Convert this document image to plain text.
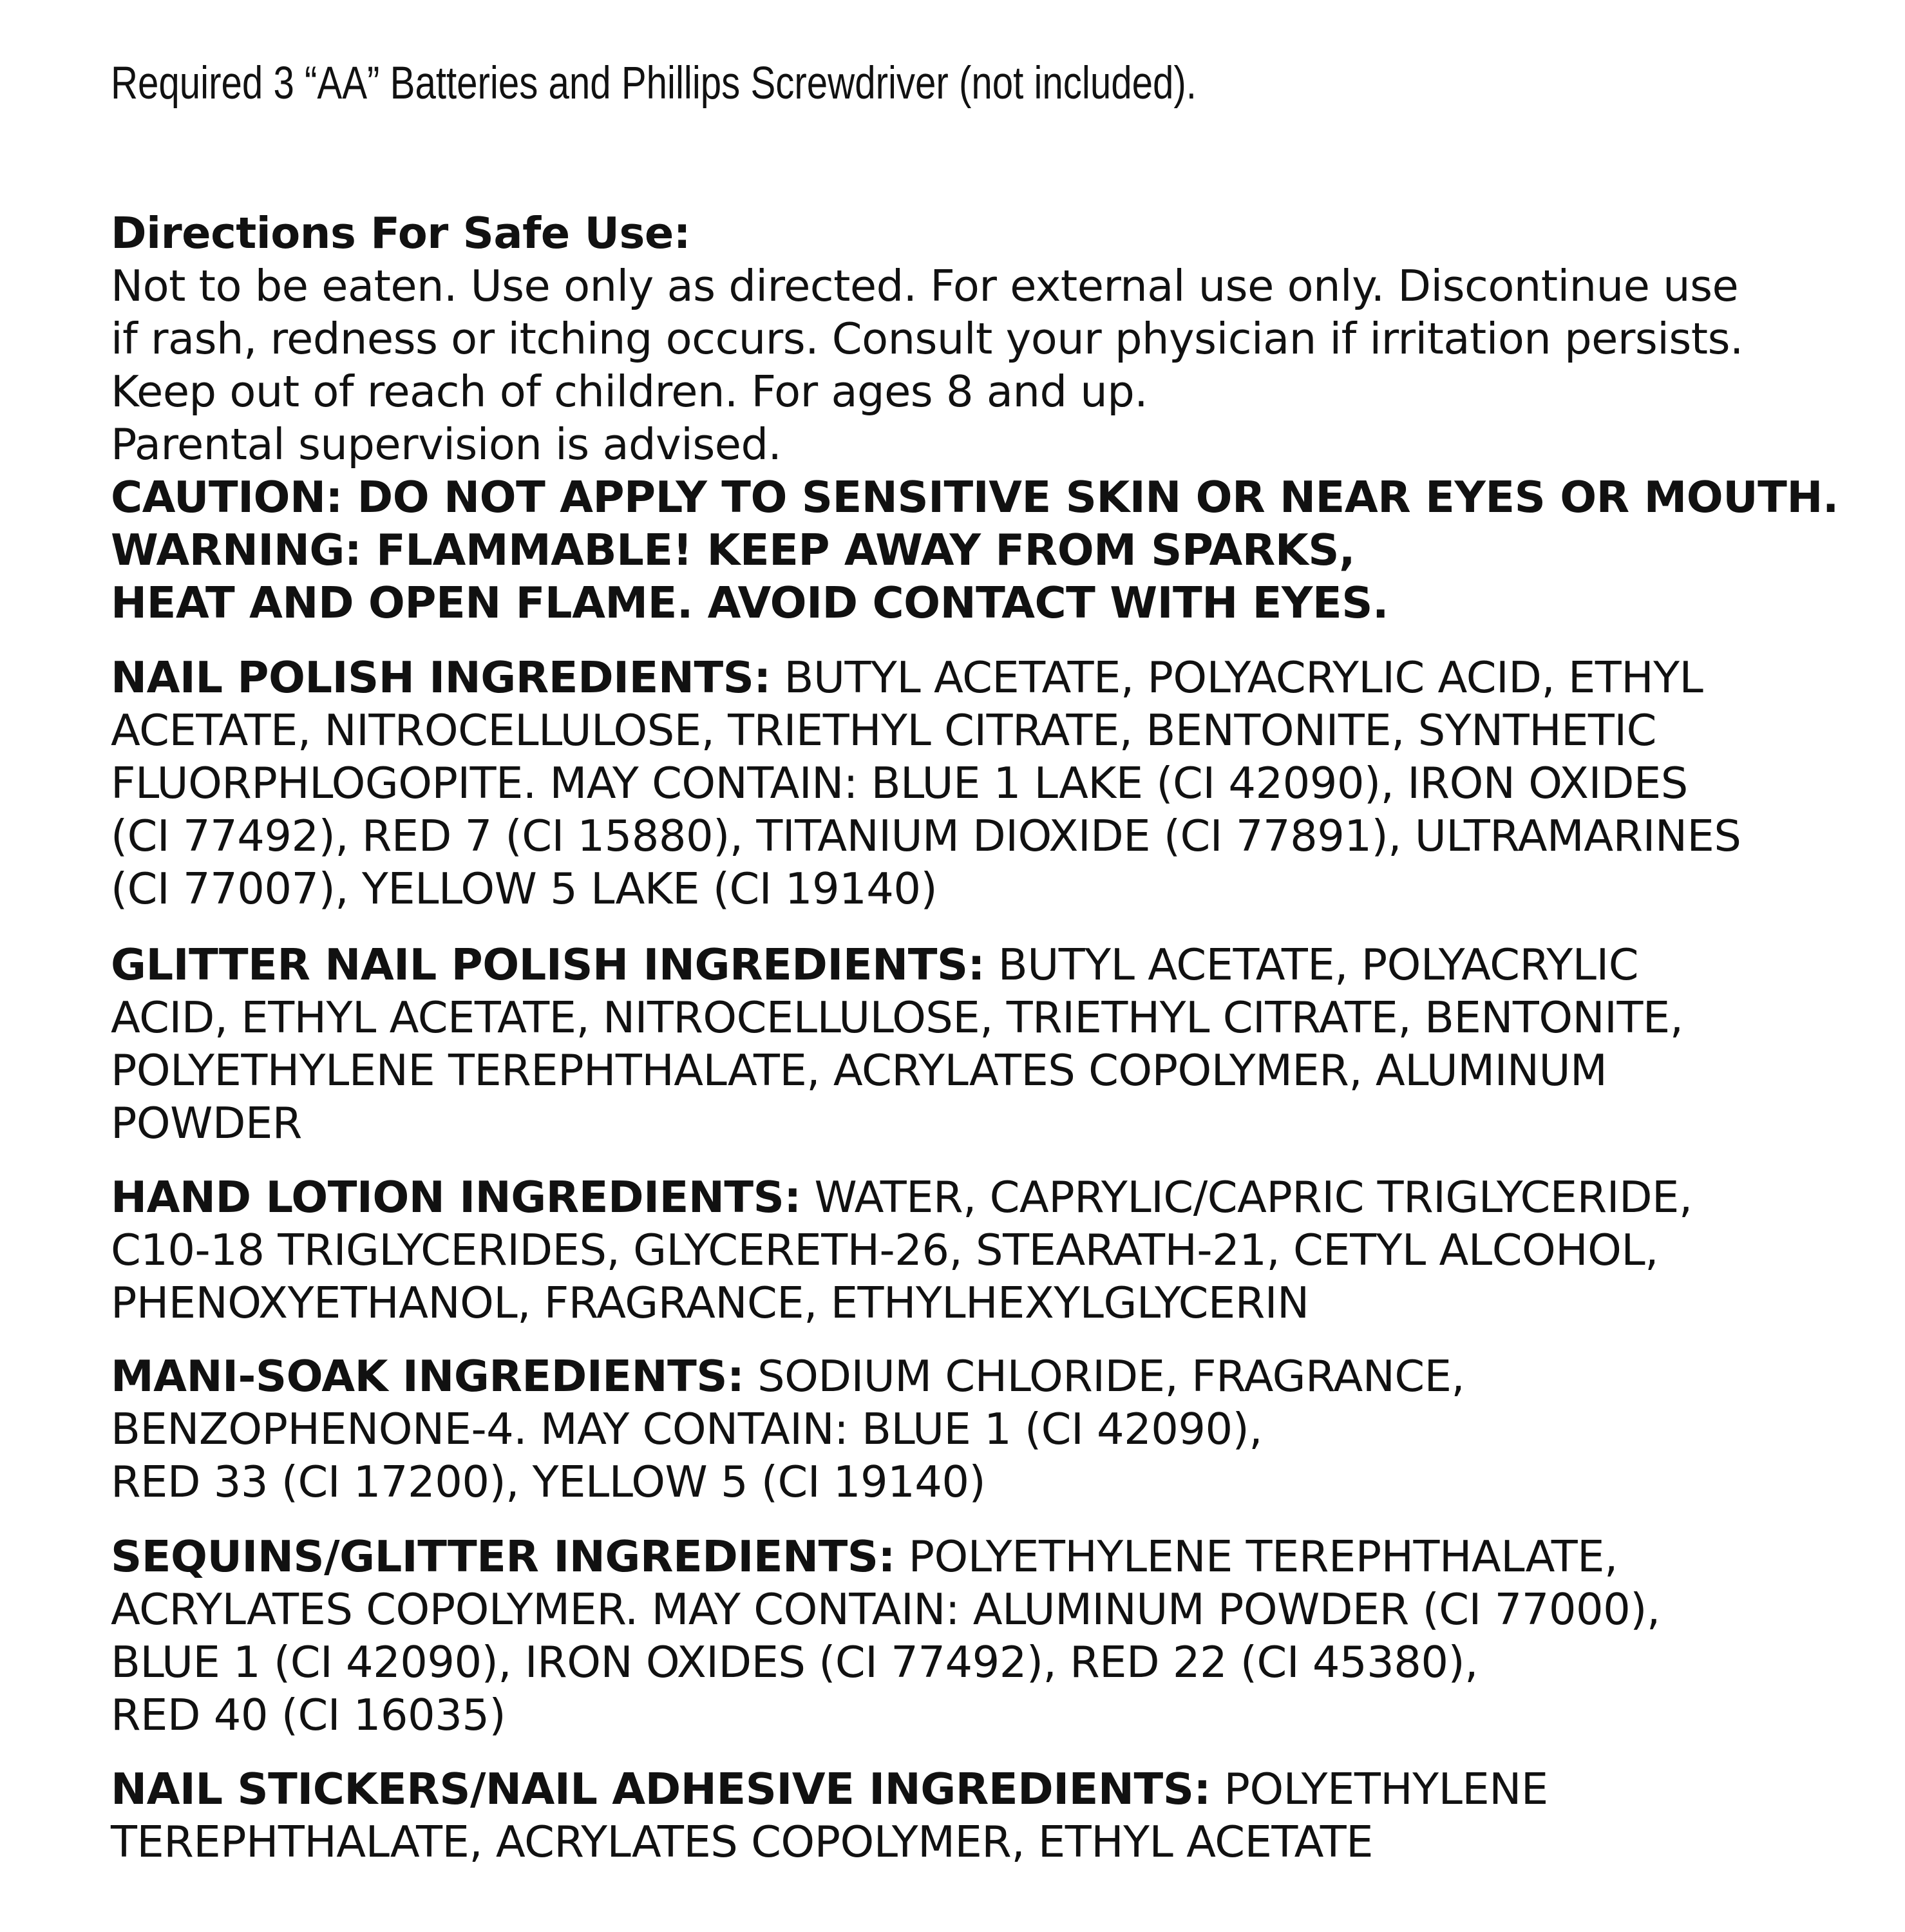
Required 3 “AA” Batteries and Phillips Screwdriver (not included).
Directions For Safe Use:
Not to be eaten. Use only as directed. For external use only. Discontinue use
if rash, redness or itching occurs. Consult your physician if irritation persists.
Keep out of reach of children. For ages 8 and up.
Parental supervision is advised.
CAUTION: DO NOT APPLY TO SENSITIVE SKIN OR NEAR EYES OR MOUTH.
WARNING: FLAMMABLE! KEEP AWAY FROM SPARKS,
HEAT AND OPEN FLAME. AVOID CONTACT WITH EYES.
NAIL POLISH INGREDIENTS: BUTYL ACETATE, POLYACRYLIC ACID, ETHYL
ACETATE, NITROCELLULOSE, TRIETHYL CITRATE, BENTONITE, SYNTHETIC
FLUORPHLOGOPITE. MAY CONTAIN: BLUE 1 LAKE (CI 42090), IRON OXIDES
(CI 77492), RED 7 (CI 15880), TITANIUM DIOXIDE (CI 77891), ULTRAMARINES
(CI 77007), YELLOW 5 LAKE (CI 19140)
GLITTER NAIL POLISH INGREDIENTS: BUTYL ACETATE, POLYACRYLIC
ACID, ETHYL ACETATE, NITROCELLULOSE, TRIETHYL CITRATE, BENTONITE,
POLYETHYLENE TEREPHTHALATE, ACRYLATES COPOLYMER, ALUMINUM
POWDER
HAND LOTION INGREDIENTS: WATER, CAPRYLIC/CAPRIC TRIGLYCERIDE,
C10-18 TRIGLYCERIDES, GLYCERETH-26, STEARATH-21, CETYL ALCOHOL,
PHENOXYETHANOL, FRAGRANCE, ETHYLHEXYLGLYCERIN
MANI-SOAK INGREDIENTS: SODIUM CHLORIDE, FRAGRANCE,
BENZOPHENONE-4. MAY CONTAIN: BLUE 1 (CI 42090),
RED 33 (CI 17200), YELLOW 5 (CI 19140)
SEQUINS/GLITTER INGREDIENTS: POLYETHYLENE TEREPHTHALATE,
ACRYLATES COPOLYMER. MAY CONTAIN: ALUMINUM POWDER (CI 77000),
BLUE 1 (CI 42090), IRON OXIDES (CI 77492), RED 22 (CI 45380),
RED 40 (CI 16035)
NAIL STICKERS/NAIL ADHESIVE INGREDIENTS: POLYETHYLENE
TEREPHTHALATE, ACRYLATES COPOLYMER, ETHYL ACETATE
